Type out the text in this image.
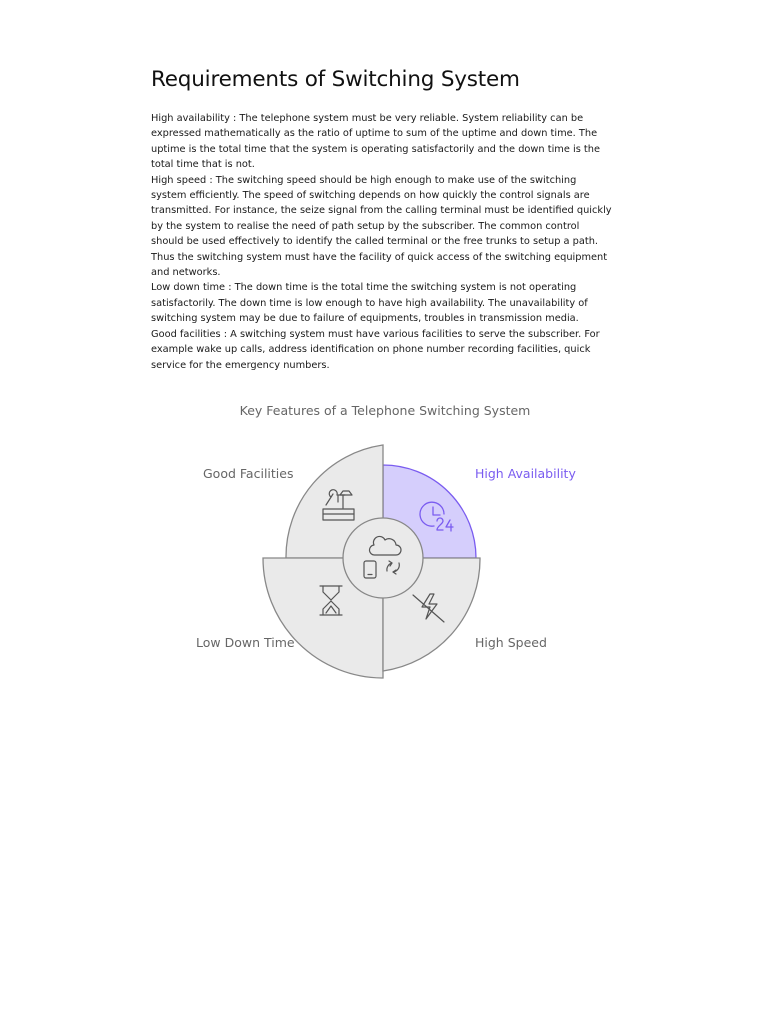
Requirements of Switching System
High availability : The telephone system must be very reliable. System reliability can be
expressed mathematically as the ratio of uptime to sum of the uptime and down time. The
uptime is the total time that the system is operating satisfactorily and the down time is the
total time that is not.
High speed : The switching speed should be high enough to make use of the switching
system efficiently. The speed of switching depends on how quickly the control signals are
transmitted. For instance, the seize signal from the calling terminal must be identified quickly
by the system to realise the need of path setup by the subscriber. The common control
should be used effectively to identify the called terminal or the free trunks to setup a path.
Thus the switching system must have the facility of quick access of the switching equipment
and networks.
Low down time : The down time is the total time the switching system is not operating
satisfactorily. The down time is low enough to have high availability. The unavailability of
switching system may be due to failure of equipments, troubles in transmission media.
Good facilities : A switching system must have various facilities to serve the subscriber. For
example wake up calls, address identification on phone number recording facilities, quick
service for the emergency numbers.
Key Features of a Telephone Switching System
Good Facilities	High Availability
Low Down Time	High Speed
